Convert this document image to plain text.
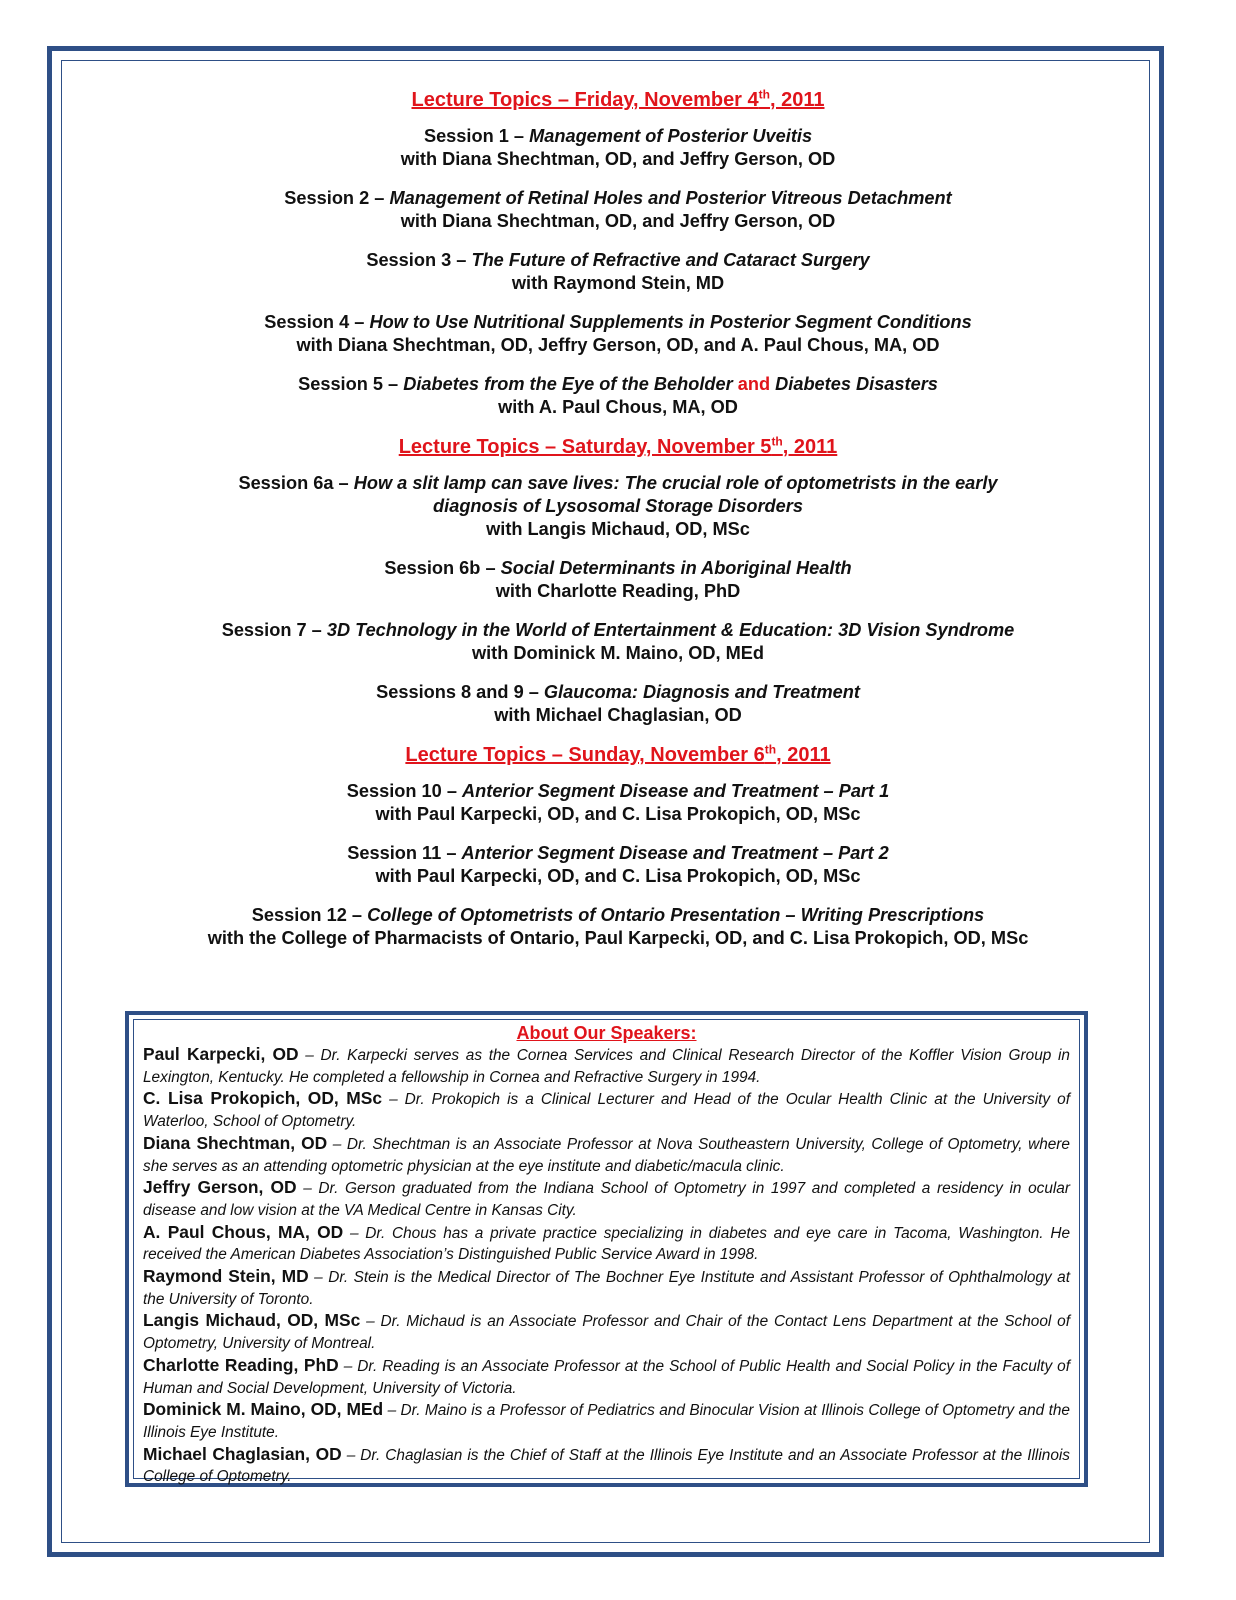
Lecture Topics – Friday, November 4th, 2011

Session 1 – Management of Posterior Uveitis
with Diana Shechtman, OD, and Jeffry Gerson, OD
Session 2 – Management of Retinal Holes and Posterior Vitreous Detachment
with Diana Shechtman, OD, and Jeffry Gerson, OD
Session 3 – The Future of Refractive and Cataract Surgery
with Raymond Stein, MD
Session 4 – How to Use Nutritional Supplements in Posterior Segment Conditions
with Diana Shechtman, OD, Jeffry Gerson, OD, and A. Paul Chous, MA, OD
Session 5 – Diabetes from the Eye of the Beholder and Diabetes Disasters
with A. Paul Chous, MA, OD

Lecture Topics – Saturday, November 5th, 2011

Session 6a – How a slit lamp can save lives: The crucial role of optometrists in the early
diagnosis of Lysosomal Storage Disorders
with Langis Michaud, OD, MSc
Session 6b – Social Determinants in Aboriginal Health
with Charlotte Reading, PhD
Session 7 – 3D Technology in the World of Entertainment & Education: 3D Vision Syndrome
with Dominick M. Maino, OD, MEd
Sessions 8 and 9 – Glaucoma: Diagnosis and Treatment
with Michael Chaglasian, OD

Lecture Topics – Sunday, November 6th, 2011

Session 10 – Anterior Segment Disease and Treatment – Part 1
with Paul Karpecki, OD, and C. Lisa Prokopich, OD, MSc
Session 11 – Anterior Segment Disease and Treatment – Part 2
with Paul Karpecki, OD, and C. Lisa Prokopich, OD, MSc
Session 12 – College of Optometrists of Ontario Presentation – Writing Prescriptions
with the College of Pharmacists of Ontario, Paul Karpecki, OD, and C. Lisa Prokopich, OD, MSc

About Our Speakers:

Paul Karpecki, OD – Dr. Karpecki serves as the Cornea Services and Clinical Research Director of the Koffler Vision Group in Lexington, Kentucky. He completed a fellowship in Cornea and Refractive Surgery in 1994.

C. Lisa Prokopich, OD, MSc – Dr. Prokopich is a Clinical Lecturer and Head of the Ocular Health Clinic at the University of Waterloo, School of Optometry.

Diana Shechtman, OD – Dr. Shechtman is an Associate Professor at Nova Southeastern University, College of Optometry, where she serves as an attending optometric physician at the eye institute and diabetic/macula clinic.

Jeffry Gerson, OD – Dr. Gerson graduated from the Indiana School of Optometry in 1997 and completed a residency in ocular disease and low vision at the VA Medical Centre in Kansas City.

A. Paul Chous, MA, OD – Dr. Chous has a private practice specializing in diabetes and eye care in Tacoma, Washington. He received the American Diabetes Association’s Distinguished Public Service Award in 1998.

Raymond Stein, MD – Dr. Stein is the Medical Director of The Bochner Eye Institute and Assistant Professor of Ophthalmology at the University of Toronto.

Langis Michaud, OD, MSc – Dr. Michaud is an Associate Professor and Chair of the Contact Lens Department at the School of Optometry, University of Montreal.

Charlotte Reading, PhD – Dr. Reading is an Associate Professor at the School of Public Health and Social Policy in the Faculty of Human and Social Development, University of Victoria.

Dominick M. Maino, OD, MEd – Dr. Maino is a Professor of Pediatrics and Binocular Vision at Illinois College of Optometry and the Illinois Eye Institute.

Michael Chaglasian, OD – Dr. Chaglasian is the Chief of Staff at the Illinois Eye Institute and an Associate Professor at the Illinois College of Optometry.
